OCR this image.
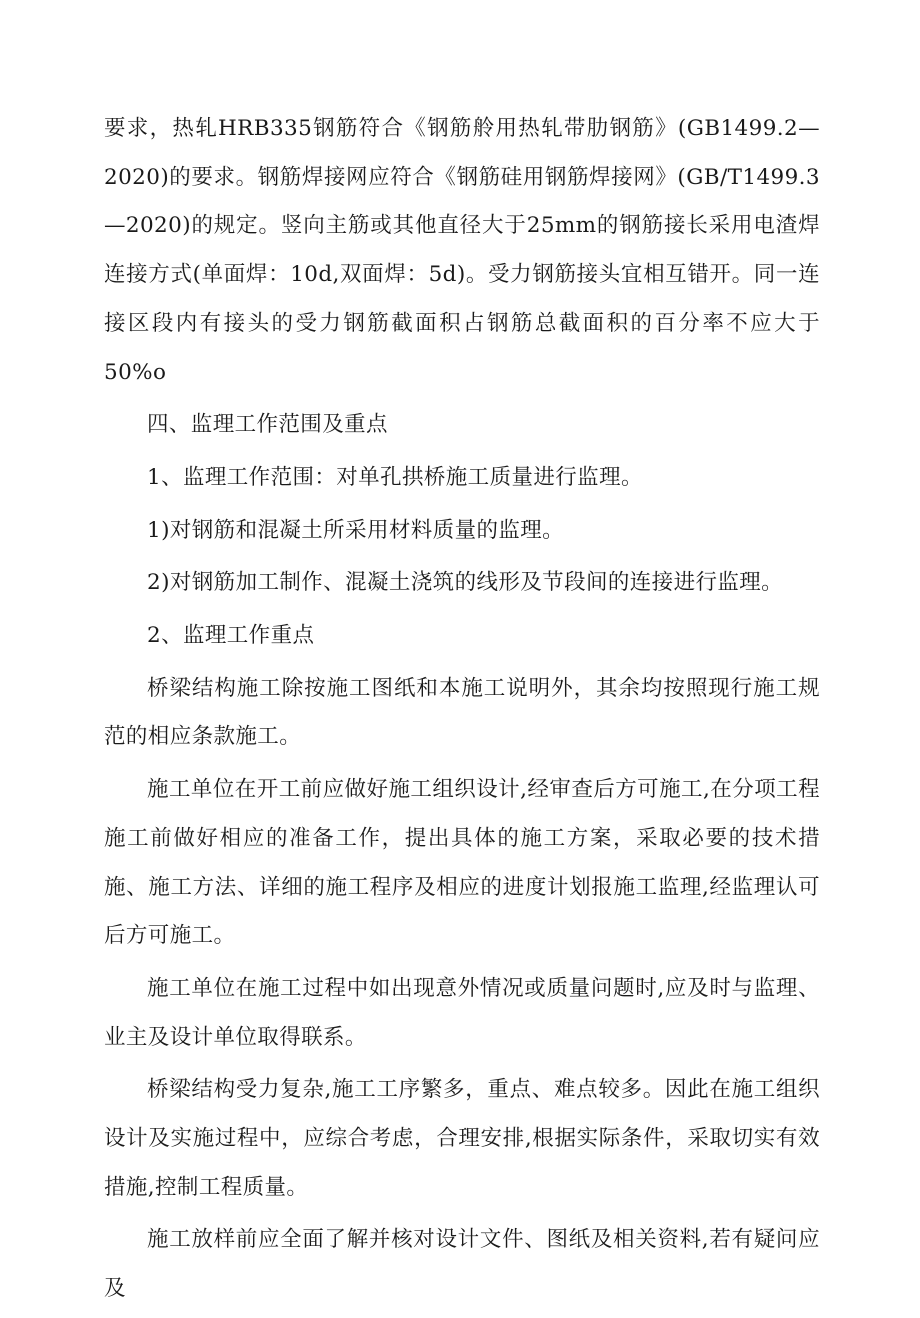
要求，热轧HRB335钢筋符合《钢筋舲用热轧带肋钢筋》(GB1499.2—2020)的要求。钢筋焊接网应符合《钢筋硅用钢筋焊接网》(GB/T1499.3—2020)的规定。竖向主筋或其他直径大于25mm的钢筋接长采用电渣焊连接方式(单面焊：10d,双面焊：5d)。受力钢筋接头宜相互错开。同一连接区段内有接头的受力钢筋截面积占钢筋总截面积的百分率不应大于50%o

四、监理工作范围及重点

1、监理工作范围：对单孔拱桥施工质量进行监理。

1)对钢筋和混凝土所采用材料质量的监理。

2)对钢筋加工制作、混凝土浇筑的线形及节段间的连接进行监理。

2、监理工作重点

桥梁结构施工除按施工图纸和本施工说明外，其余均按照现行施工规范的相应条款施工。

施工单位在开工前应做好施工组织设计,经审查后方可施工,在分项工程施工前做好相应的准备工作，提出具体的施工方案，采取必要的技术措施、施工方法、详细的施工程序及相应的进度计划报施工监理,经监理认可后方可施工。

施工单位在施工过程中如出现意外情况或质量问题时,应及时与监理、业主及设计单位取得联系。

桥梁结构受力复杂,施工工序繁多，重点、难点较多。因此在施工组织设计及实施过程中，应综合考虑，合理安排,根据实际条件，采取切实有效措施,控制工程质量。

施工放样前应全面了解并核对设计文件、图纸及相关资料,若有疑问应及
